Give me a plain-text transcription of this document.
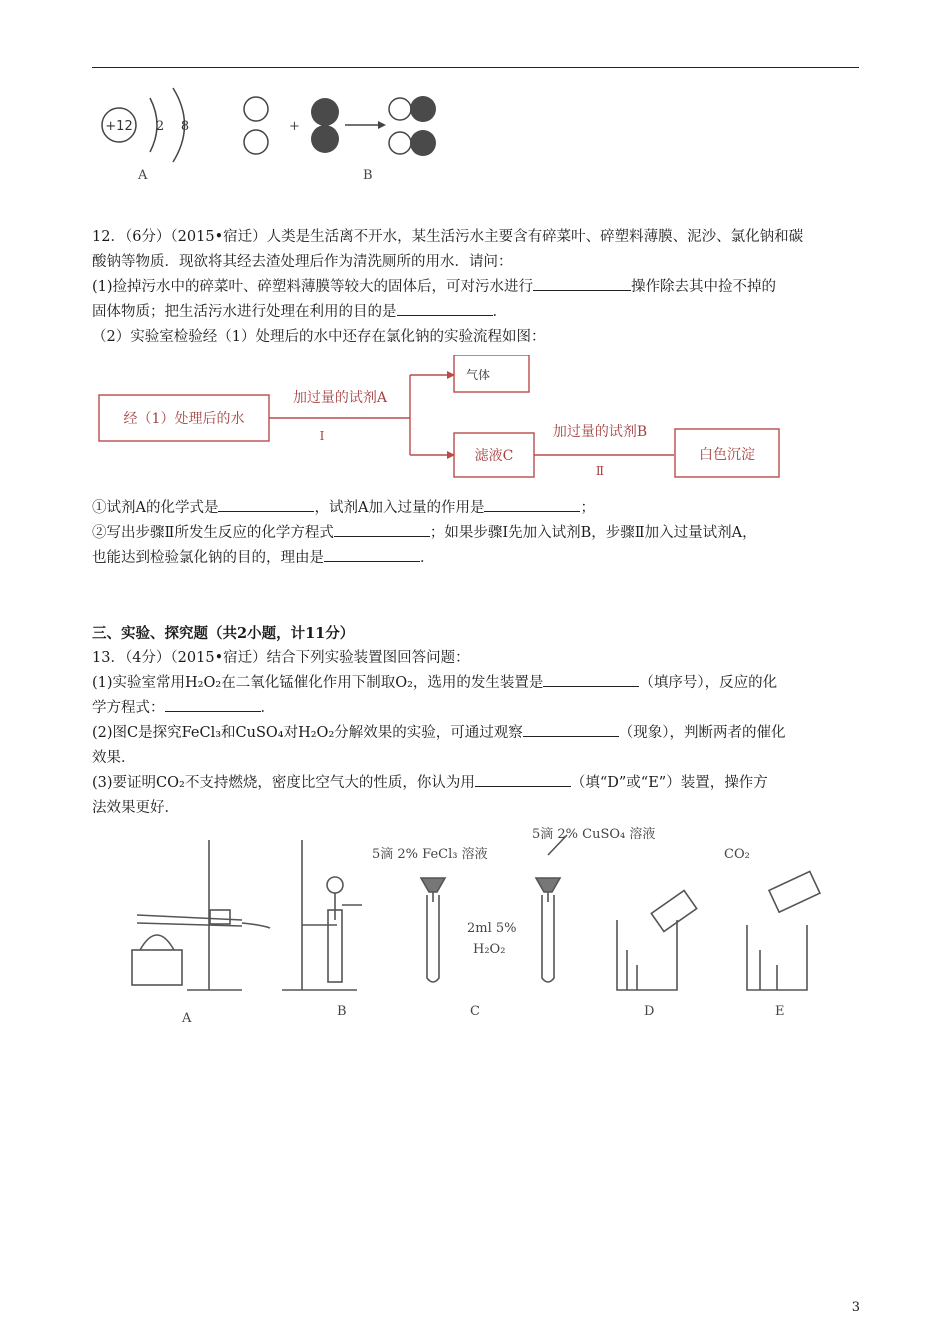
+12 2 8
A
+
B

12．（6分）（2015•宿迁）人类是生活离不开水，某生活污水主要含有碎菜叶、碎塑料薄膜、泥沙、氯化钠和碳

酸钠等物质．现欲将其经去渣处理后作为清洗厕所的用水．请问：

(1)捡掉污水中的碎菜叶、碎塑料薄膜等较大的固体后，可对污水进行	操作除去其中捡不掉的

固体物质；把生活污水进行处理在利用的目的是	．

（2）实验室检验经（1）处理后的水中还存在氯化钠的实验流程如图：

经（1）处理后的水
加过量的试剂A
Ⅰ
气体
滤液C
加过量的试剂B
Ⅱ
白色沉淀

①试剂A的化学式是	，试剂A加入过量的作用是	；

②写出步骤Ⅱ所发生反应的化学方程式	；如果步骤Ⅰ先加入试剂B，步骤Ⅱ加入过量试剂A，

也能达到检验氯化钠的目的，理由是	．

三、实验、探究题（共2小题，计11分）

13．（4分）（2015•宿迁）结合下列实验装置图回答问题：

(1)实验室常用H₂O₂在二氧化锰催化作用下制取O₂，选用的发生装置是	（填序号），反应的化

学方程式：	．

(2)图C是探究FeCl₃和CuSO₄对H₂O₂分解效果的实验，可通过观察	（现象），判断两者的催化

效果．

(3)要证明CO₂不支持燃烧，密度比空气大的性质，你认为用	（填“D”或“E”）装置，操作方

法效果更好．

5滴 2% FeCl₃ 溶液
5滴 2% CuSO₄ 溶液
2ml 5%
H₂O₂
CO₂
A	B	C	D	E
3
